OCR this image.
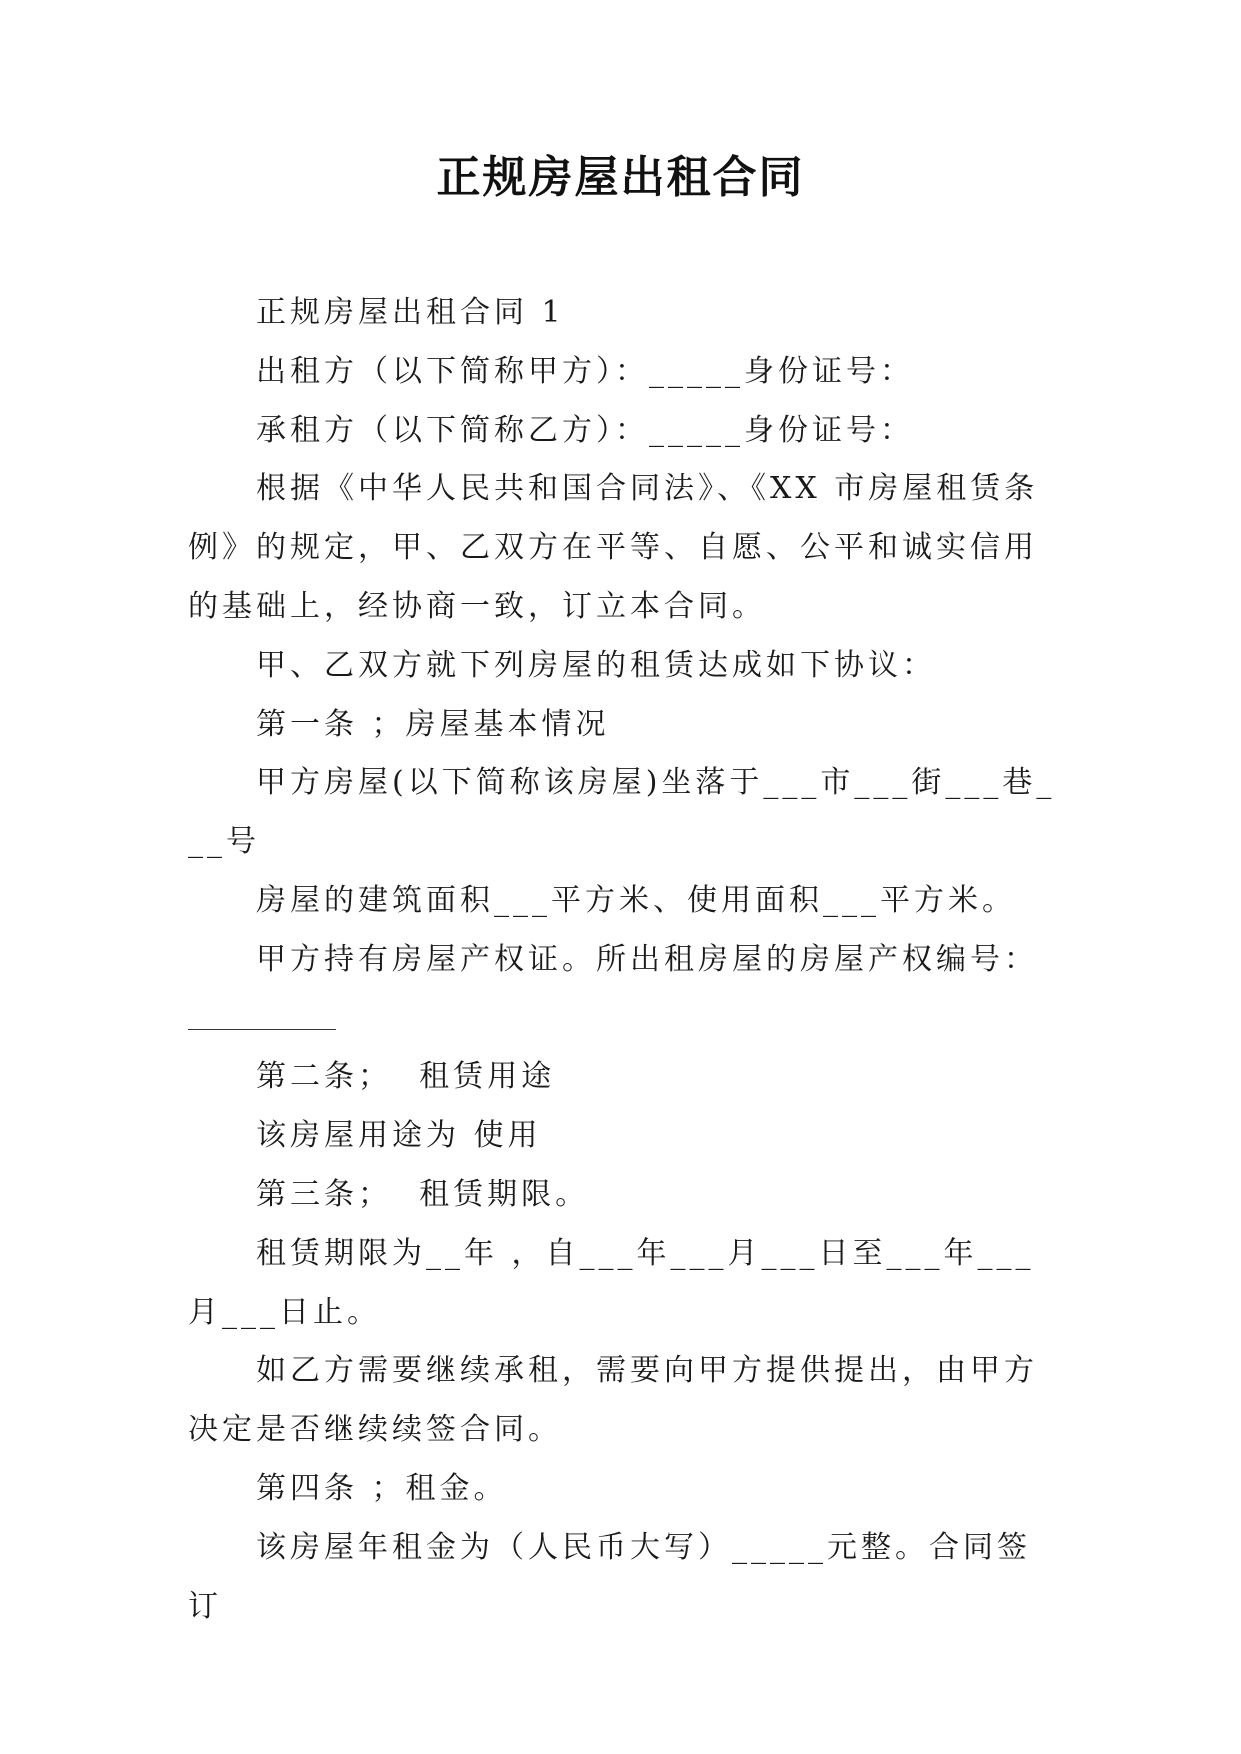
正规房屋出租合同

正规房屋出租合同 1

出租方（以下简称甲方）：_____身份证号：

承租方（以下简称乙方）：_____身份证号：

根据《中华人民共和国合同法》、《XX 市房屋租赁条例》的规定，甲、乙双方在平等、自愿、公平和诚实信用的基础上，经协商一致，订立本合同。

甲、乙双方就下列房屋的租赁达成如下协议：

第一条 ；房屋基本情况

甲方房屋(以下简称该房屋)坐落于___市___街___巷___号

房屋的建筑面积___平方米、使用面积___平方米。

甲方持有房屋产权证。所出租房屋的房屋产权编号：

第二条；  租赁用途

该房屋用途为 使用

第三条；  租赁期限。

租赁期限为__年 ，自___年___月___日至___年___月___日止。

如乙方需要继续承租，需要向甲方提供提出，由甲方决定是否继续续签合同。

第四条 ；租金。

该房屋年租金为（人民币大写）_____元整。合同签订
